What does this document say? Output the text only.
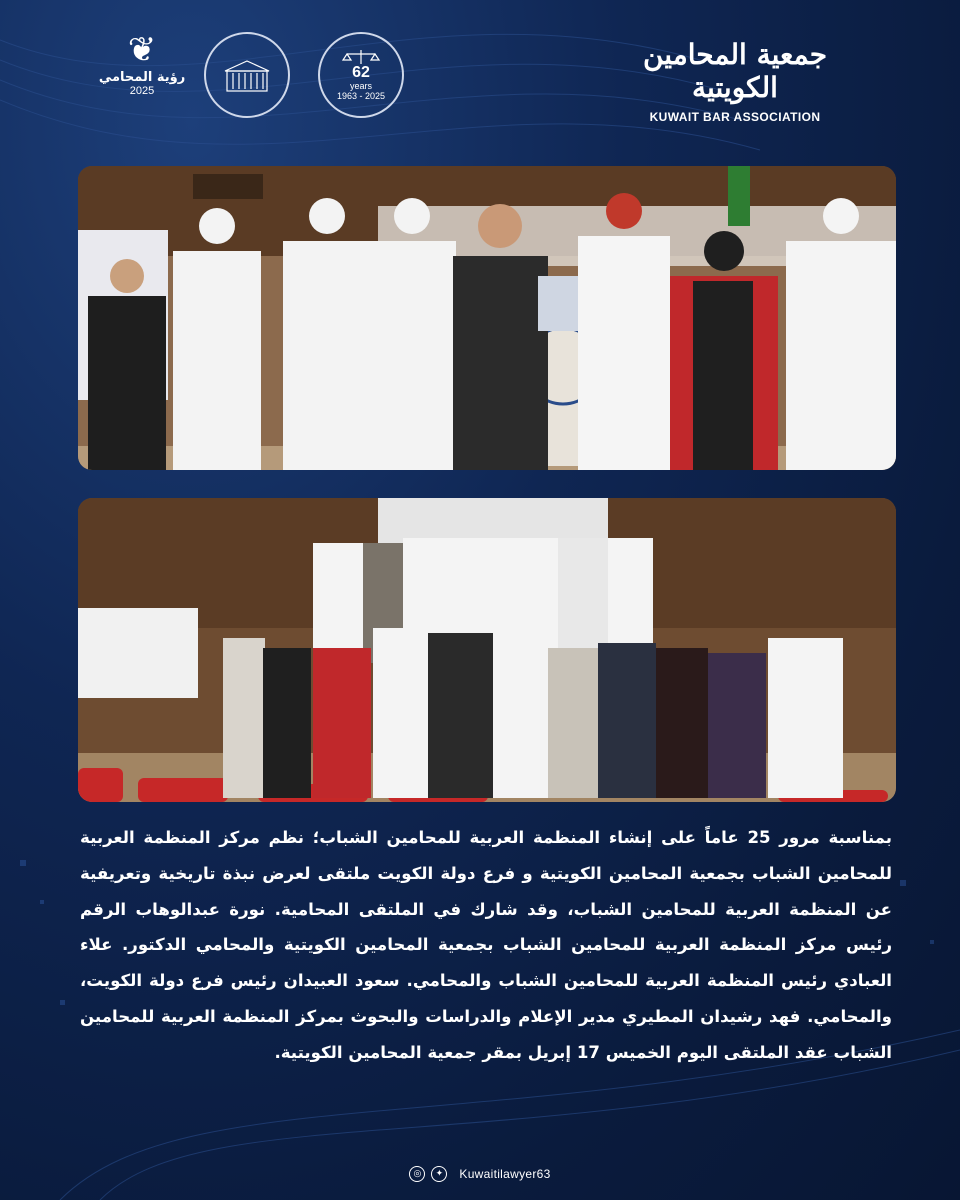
جمعية المحامين الكويتية
KUWAIT BAR ASSOCIATION
62
years
1963 - 2025
❦
رؤية المحامي
2025
بمناسبة مرور 25 عاماً على إنشاء المنظمة العربية للمحامين الشباب؛ نظم مركز المنظمة العربية للمحامين الشباب بجمعية المحامين الكويتية و فرع دولة الكويت ملتقى لعرض نبذة تاريخية وتعريفية عن المنظمة العربية للمحامين الشباب، وقد شارك في الملتقى المحامية. نورة عبدالوهاب الرقم رئيس مركز المنظمة العربية للمحامين الشباب بجمعية المحامين الكويتية والمحامي الدكتور. علاء العبادي رئيس المنظمة العربية للمحامين الشباب والمحامي. سعود العبيدان رئيس فرع دولة الكويت، والمحامي. فهد رشيدان المطيري مدير الإعلام والدراسات والبحوث بمركز المنظمة العربية للمحامين الشباب عقد الملتقى اليوم الخميس 17 إبريل بمقر جمعية المحامين الكويتية.
◎	✦	Kuwaitilawyer63
